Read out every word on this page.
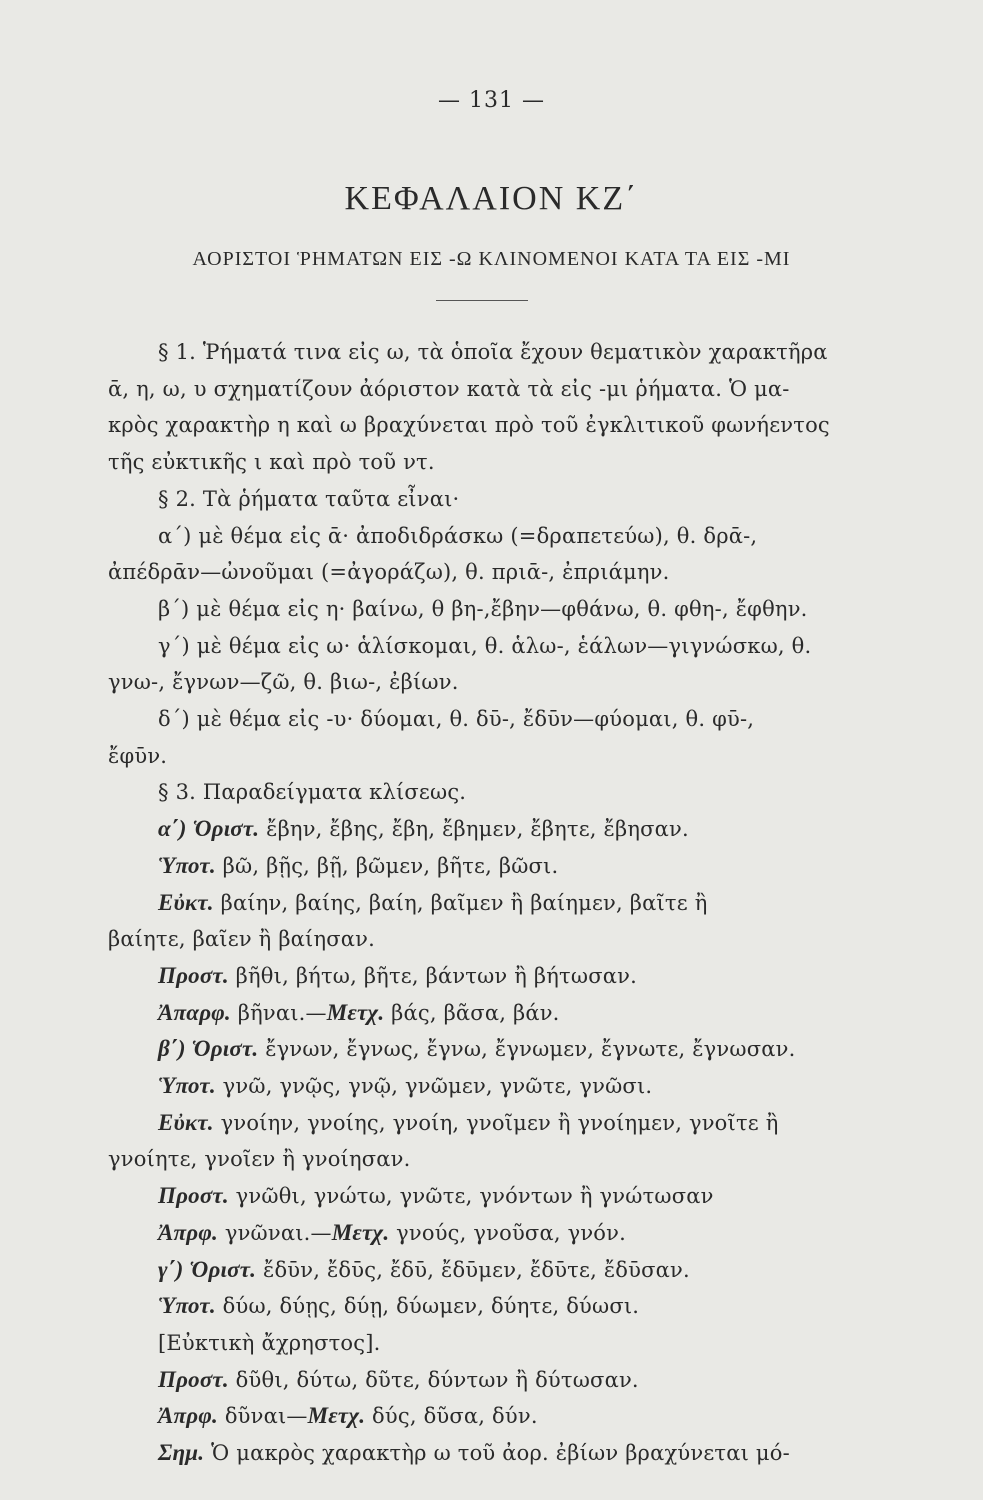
— 131 —
ΚΕΦΑΛΑΙΟΝ ΚΖ΄
ΑΟΡΙΣΤΟΙ ῬΗΜΑΤΩΝ ΕΙΣ -Ω ΚΛΙΝΟΜΕΝΟΙ ΚΑΤΑ ΤΑ ΕΙΣ -ΜΙ
§ 1. Ῥήματά τινα εἰς ω, τὰ ὁποῖα ἔχουν θεματικὸν χαρακτῆρα
ᾱ, η, ω, υ σχηματίζουν ἀόριστον κατὰ τὰ εἰς -μι ῥήματα. Ὁ μα-
κρὸς χαρακτὴρ η καὶ ω βραχύνεται πρὸ τοῦ ἐγκλιτικοῦ φωνήεντος
τῆς εὐκτικῆς ι καὶ πρὸ τοῦ ντ.
§ 2. Τὰ ῥήματα ταῦτα εἶναι·
α΄) μὲ θέμα εἰς ᾱ· ἀποδιδράσκω (=δραπετεύω), θ. δρᾱ-,
ἀπέδρᾱν—ὠνοῦμαι (=ἀγοράζω), θ. πριᾱ-, ἐπριάμην.
β΄) μὲ θέμα εἰς η· βαίνω, θ βη-,ἔβην—φθάνω, θ. φθη-, ἔφθην.
γ΄) μὲ θέμα εἰς ω· ἁλίσκομαι, θ. ἁλω-, ἑάλων—γιγνώσκω, θ.
γνω-, ἔγνων—ζῶ, θ. βιω-, ἐβίων.
δ΄) μὲ θέμα εἰς -υ· δύομαι, θ. δῡ-, ἔδῡν—φύομαι, θ. φῡ-,
ἔφῡν.
§ 3. Παραδείγματα κλίσεως.
α΄) Ὁριστ. ἔβην, ἔβης, ἔβη, ἔβημεν, ἔβητε, ἔβησαν.
Ὑποτ. βῶ, βῇς, βῇ, βῶμεν, βῆτε, βῶσι.
Εὐκτ. βαίην, βαίης, βαίη, βαῖμεν ἢ βαίημεν, βαῖτε ἢ
βαίητε, βαῖεν ἢ βαίησαν.
Προστ. βῆθι, βήτω, βῆτε, βάντων ἢ βήτωσαν.
Ἀπαρφ. βῆναι.—Μετχ. βάς, βᾶσα, βάν.
β΄) Ὁριστ. ἔγνων, ἔγνως, ἔγνω, ἔγνωμεν, ἔγνωτε, ἔγνωσαν.
Ὑποτ. γνῶ, γνῷς, γνῷ, γνῶμεν, γνῶτε, γνῶσι.
Εὐκτ. γνοίην, γνοίης, γνοίη, γνοῖμεν ἢ γνοίημεν, γνοῖτε ἢ
γνοίητε, γνοῖεν ἢ γνοίησαν.
Προστ. γνῶθι, γνώτω, γνῶτε, γνόντων ἢ γνώτωσαν
Ἀπρφ. γνῶναι.—Μετχ. γνούς, γνοῦσα, γνόν.
γ΄) Ὁριστ. ἔδῡν, ἔδῡς, ἔδῡ, ἔδῡμεν, ἔδῡτε, ἔδῡσαν.
Ὑποτ. δύω, δύῃς, δύῃ, δύωμεν, δύητε, δύωσι.
[Εὐκτικὴ ἄχρηστος].
Προστ. δῦθι, δύτω, δῦτε, δύντων ἢ δύτωσαν.
Ἀπρφ. δῦναι—Μετχ. δύς, δῦσα, δύν.
Σημ. Ὁ μακρὸς χαρακτὴρ ω τοῦ ἀορ. ἐβίων βραχύνεται μό-
